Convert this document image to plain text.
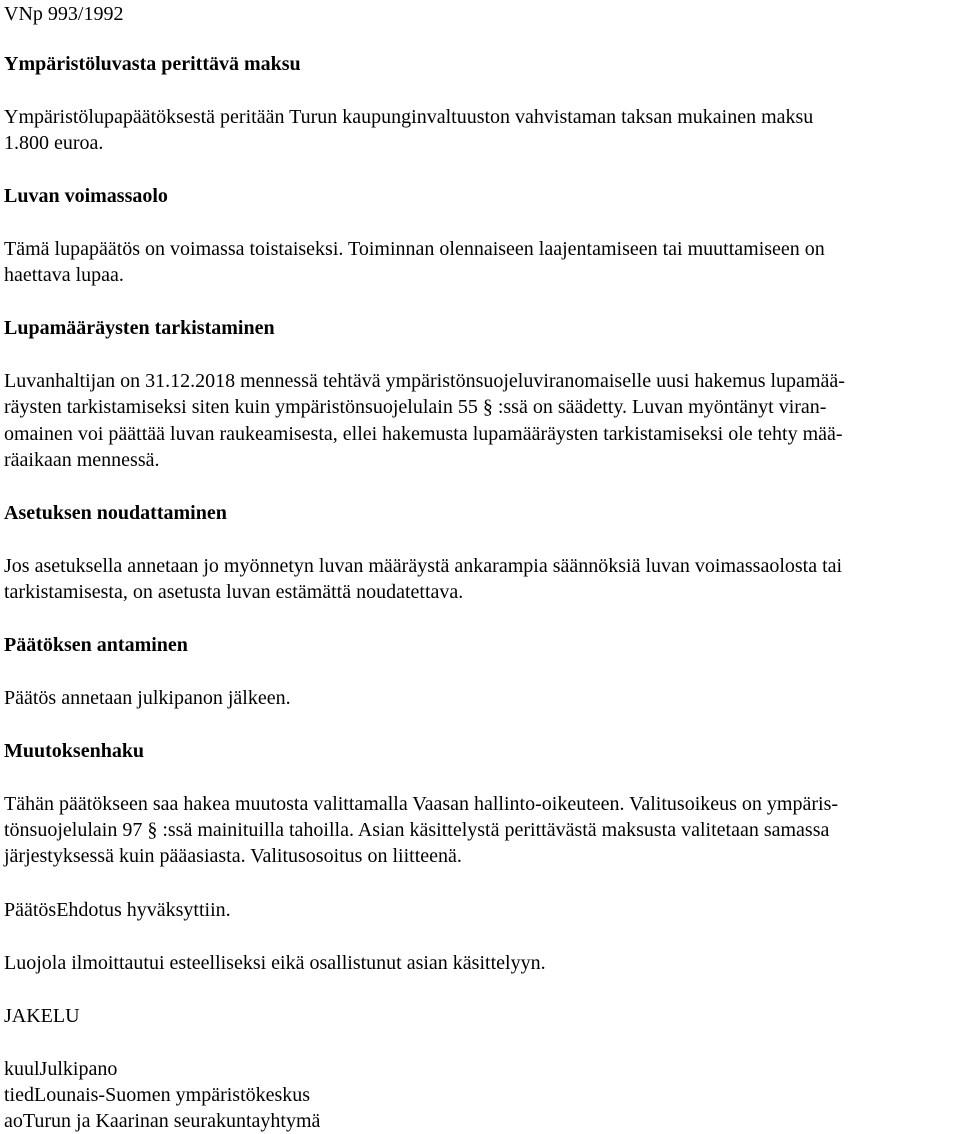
VNp 993/1992
Ympäristöluvasta perittävä maksu
Ympäristölupapäätöksestä peritään Turun kaupunginvaltuuston vahvistaman taksan mukainen maksu
1.800 euroa.
Luvan voimassaolo
Tämä lupapäätös on voimassa toistaiseksi. Toiminnan olennaiseen laajentamiseen tai muuttamiseen on
haettava lupaa.
Lupamääräysten tarkistaminen
Luvanhaltijan on 31.12.2018 mennessä tehtävä ympäristönsuojeluviranomaiselle uusi hakemus lupamää-
räysten tarkistamiseksi siten kuin ympäristönsuojelulain 55 § :ssä on säädetty. Luvan myöntänyt viran-
omainen voi päättää luvan raukeamisesta, ellei hakemusta lupamääräysten tarkistamiseksi ole tehty mää-
räaikaan mennessä.
Asetuksen noudattaminen
Jos asetuksella annetaan jo myönnetyn luvan määräystä ankarampia säännöksiä luvan voimassaolosta tai
tarkistamisesta, on asetusta luvan estämättä noudatettava.
Päätöksen antaminen
Päätös annetaan julkipanon jälkeen.
Muutoksenhaku
Tähän päätökseen saa hakea muutosta valittamalla Vaasan hallinto-oikeuteen. Valitusoikeus on ympäris-
tönsuojelulain 97 § :ssä mainituilla tahoilla. Asian käsittelystä perittävästä maksusta valitetaan samassa
järjestyksessä kuin pääasiasta. Valitusosoitus on liitteenä.
PäätösEhdotus hyväksyttiin.
Luojola ilmoittautui esteelliseksi eikä osallistunut asian käsittelyyn.
JAKELU
kuulJulkipano
tiedLounais-Suomen ympäristökeskus
aoTurun ja Kaarinan seurakuntayhtymä
